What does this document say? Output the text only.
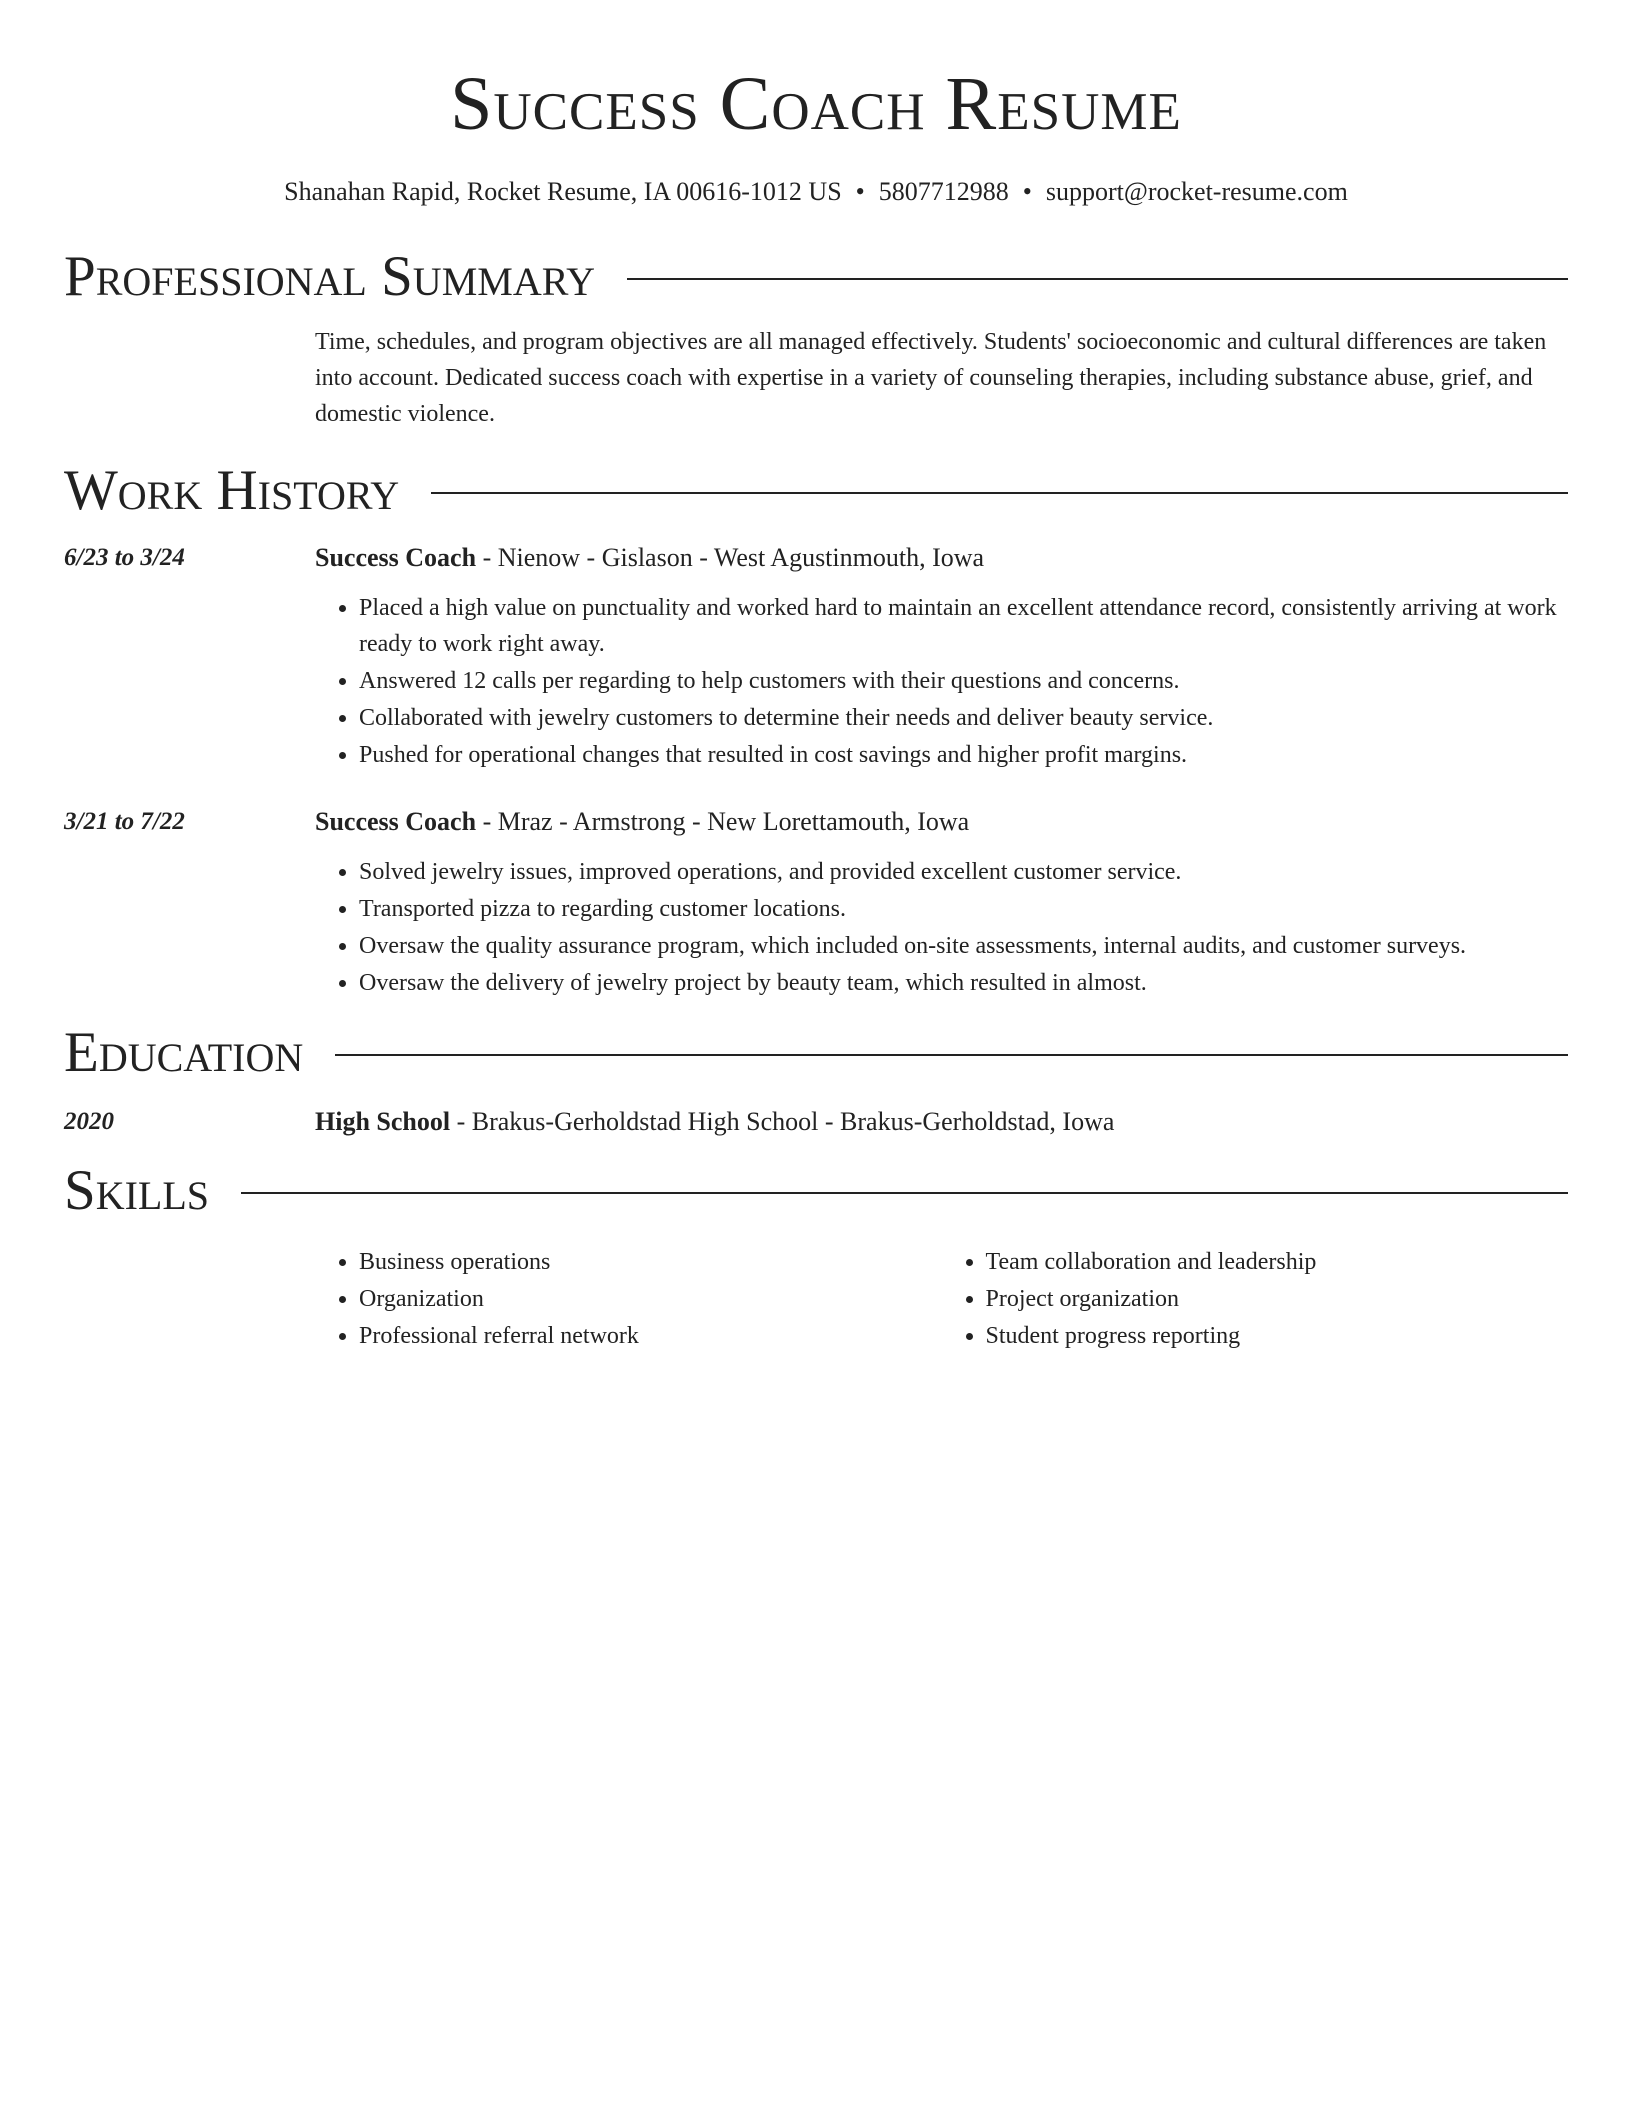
Success Coach Resume
Shanahan Rapid, Rocket Resume, IA 00616-1012 US • 5807712988 • support@rocket-resume.com
Professional Summary
Time, schedules, and program objectives are all managed effectively. Students' socioeconomic and cultural differences are taken into account. Dedicated success coach with expertise in a variety of counseling therapies, including substance abuse, grief, and domestic violence.
Work History
6/23 to 3/24	Success Coach - Nienow - Gislason - West Agustinmouth, Iowa
• Placed a high value on punctuality and worked hard to maintain an excellent attendance record, consistently arriving at work ready to work right away.
• Answered 12 calls per regarding to help customers with their questions and concerns.
• Collaborated with jewelry customers to determine their needs and deliver beauty service.
• Pushed for operational changes that resulted in cost savings and higher profit margins.
3/21 to 7/22	Success Coach - Mraz - Armstrong - New Lorettamouth, Iowa
• Solved jewelry issues, improved operations, and provided excellent customer service.
• Transported pizza to regarding customer locations.
• Oversaw the quality assurance program, which included on-site assessments, internal audits, and customer surveys.
• Oversaw the delivery of jewelry project by beauty team, which resulted in almost.
Education
2020	High School - Brakus-Gerholdstad High School - Brakus-Gerholdstad, Iowa
Skills
• Business operations
• Organization
• Professional referral network
• Team collaboration and leadership
• Project organization
• Student progress reporting
